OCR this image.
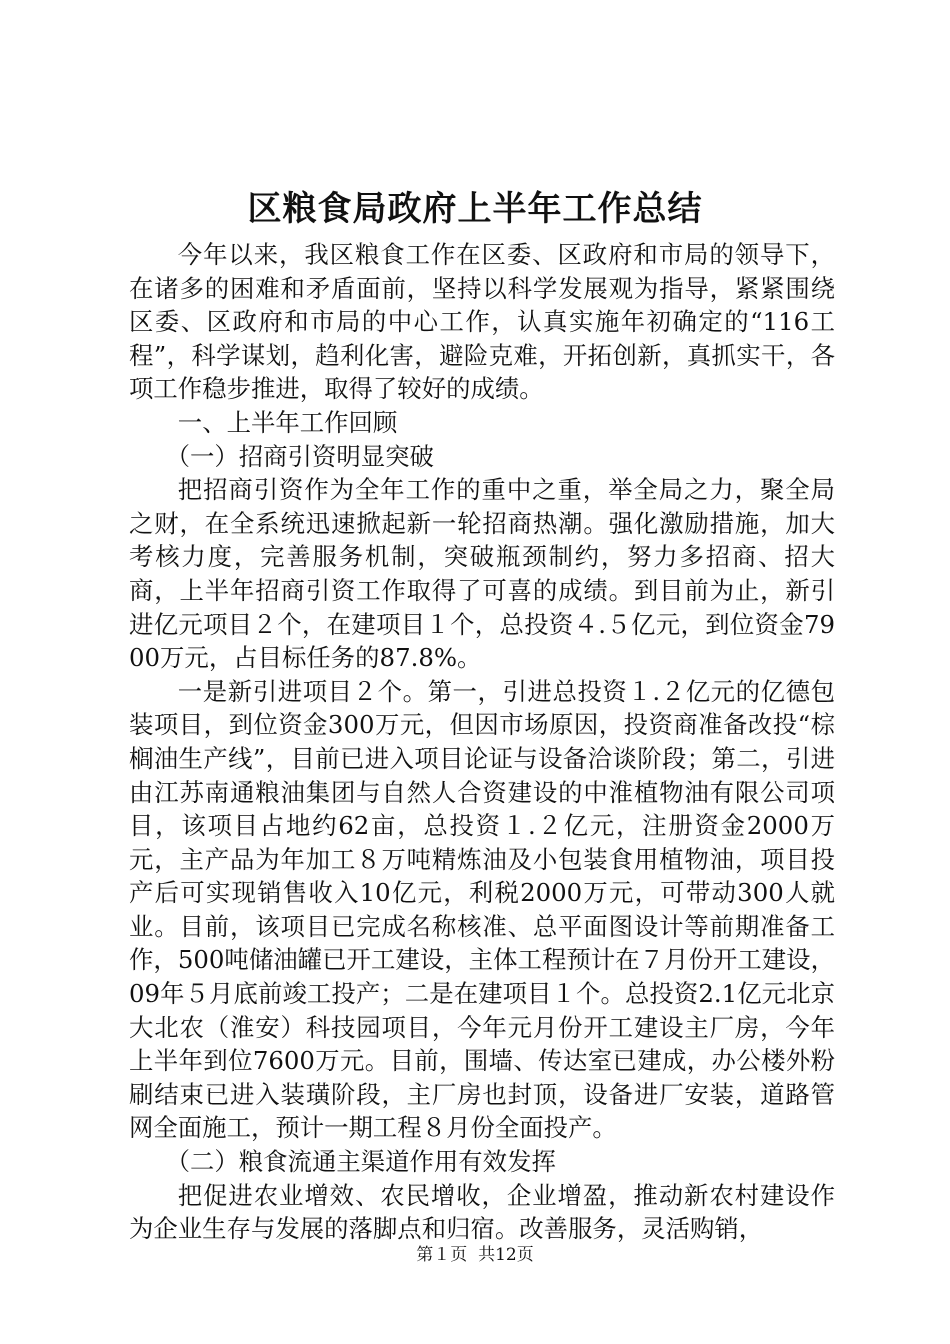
区粮食局政府上半年工作总结

今年以来，我区粮食工作在区委、区政府和市局的领导下，在诸多的困难和矛盾面前，坚持以科学发展观为指导，紧紧围绕区委、区政府和市局的中心工作，认真实施年初确定的“116工程”，科学谋划，趋利化害，避险克难，开拓创新，真抓实干，各项工作稳步推进，取得了较好的成绩。

一、上半年工作回顾

（一）招商引资明显突破

把招商引资作为全年工作的重中之重，举全局之力，聚全局之财，在全系统迅速掀起新一轮招商热潮。强化激励措施，加大考核力度，完善服务机制，突破瓶颈制约，努力多招商、招大商，上半年招商引资工作取得了可喜的成绩。到目前为止，新引进亿元项目２个，在建项目１个，总投资４.５亿元，到位资金7900万元，占目标任务的87.8%。

一是新引进项目２个。第一，引进总投资１.２亿元的亿德包装项目，到位资金300万元，但因市场原因，投资商准备改投“棕榈油生产线”，目前已进入项目论证与设备洽谈阶段；第二，引进由江苏南通粮油集团与自然人合资建设的中淮植物油有限公司项目，该项目占地约62亩，总投资１.２亿元，注册资金2000万元，主产品为年加工８万吨精炼油及小包装食用植物油，项目投产后可实现销售收入10亿元，利税2000万元，可带动300人就业。目前，该项目已完成名称核准、总平面图设计等前期准备工作，500吨储油罐已开工建设，主体工程预计在７月份开工建设，09年５月底前竣工投产；二是在建项目１个。总投资2.1亿元北京大北农（淮安）科技园项目，今年元月份开工建设主厂房，今年上半年到位7600万元。目前，围墙、传达室已建成，办公楼外粉刷结束已进入装璜阶段，主厂房也封顶，设备进厂安装，道路管网全面施工，预计一期工程８月份全面投产。

（二）粮食流通主渠道作用有效发挥

把促进农业增效、农民增收，企业增盈，推动新农村建设作为企业生存与发展的落脚点和归宿。改善服务，灵活购销，

第１页 共12页
